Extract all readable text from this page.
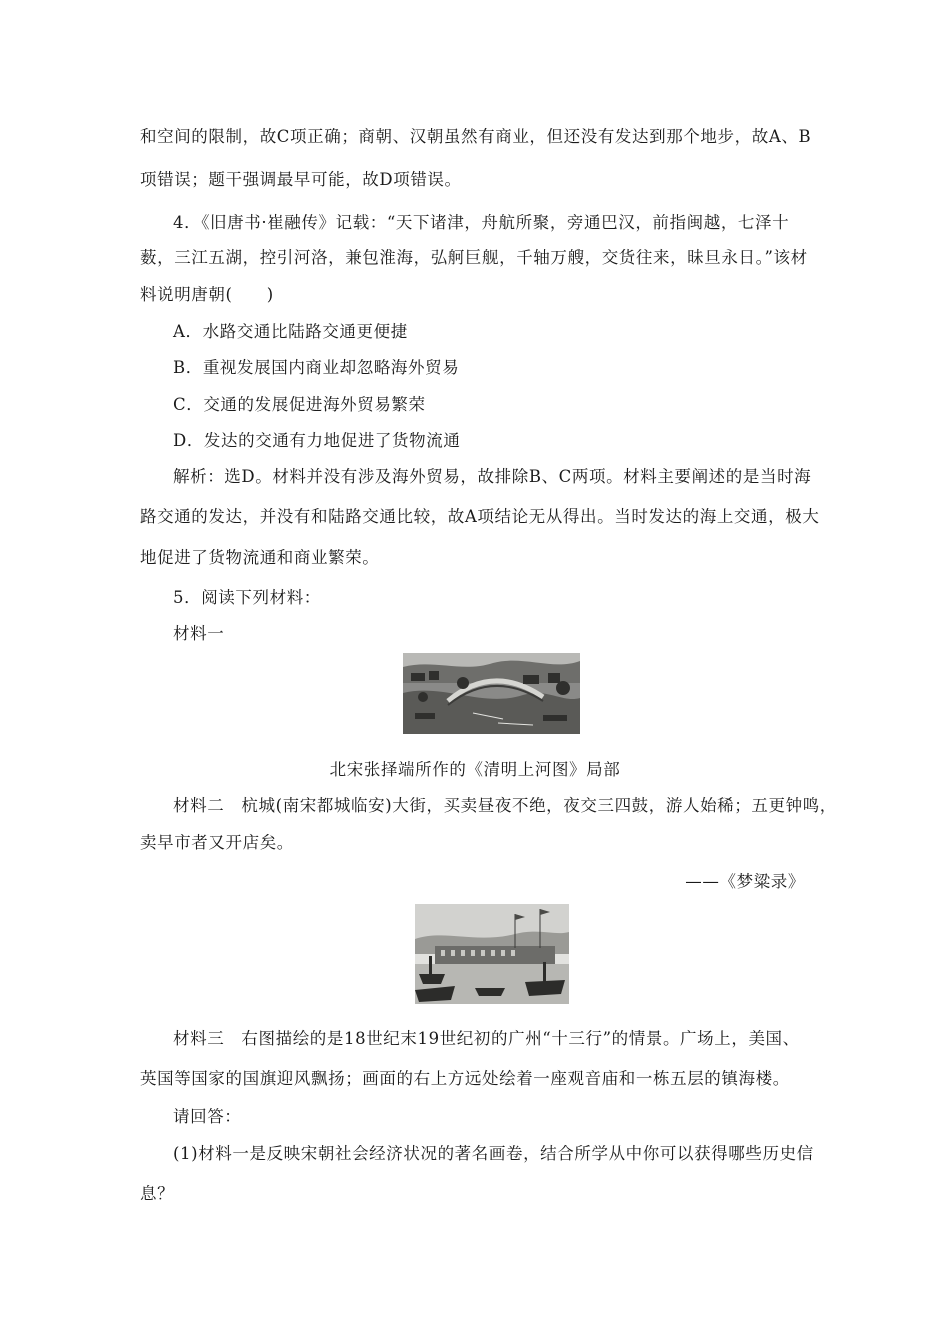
和空间的限制，故C项正确；商朝、汉朝虽然有商业，但还没有发达到那个地步，故A、B
项错误；题干强调最早可能，故D项错误。
4．《旧唐书·崔融传》记载：“天下诸津，舟航所聚，旁通巴汉，前指闽越，七泽十
薮，三江五湖，控引河洛，兼包淮海，弘舸巨舰，千轴万艘，交货往来，昧旦永日。”该材
料说明唐朝(　　)
A．水路交通比陆路交通更便捷
B．重视发展国内商业却忽略海外贸易
C．交通的发展促进海外贸易繁荣
D．发达的交通有力地促进了货物流通
解析：选D。材料并没有涉及海外贸易，故排除B、C两项。材料主要阐述的是当时海
路交通的发达，并没有和陆路交通比较，故A项结论无从得出。当时发达的海上交通，极大
地促进了货物流通和商业繁荣。
5．阅读下列材料：
材料一
北宋张择端所作的《清明上河图》局部
材料二　杭城(南宋都城临安)大街，买卖昼夜不绝，夜交三四鼓，游人始稀；五更钟鸣，
卖早市者又开店矣。
——《梦粱录》
材料三　右图描绘的是18世纪末19世纪初的广州“十三行”的情景。广场上，美国、
英国等国家的国旗迎风飘扬；画面的右上方远处绘着一座观音庙和一栋五层的镇海楼。
请回答：
(1)材料一是反映宋朝社会经济状况的著名画卷，结合所学从中你可以获得哪些历史信
息？
